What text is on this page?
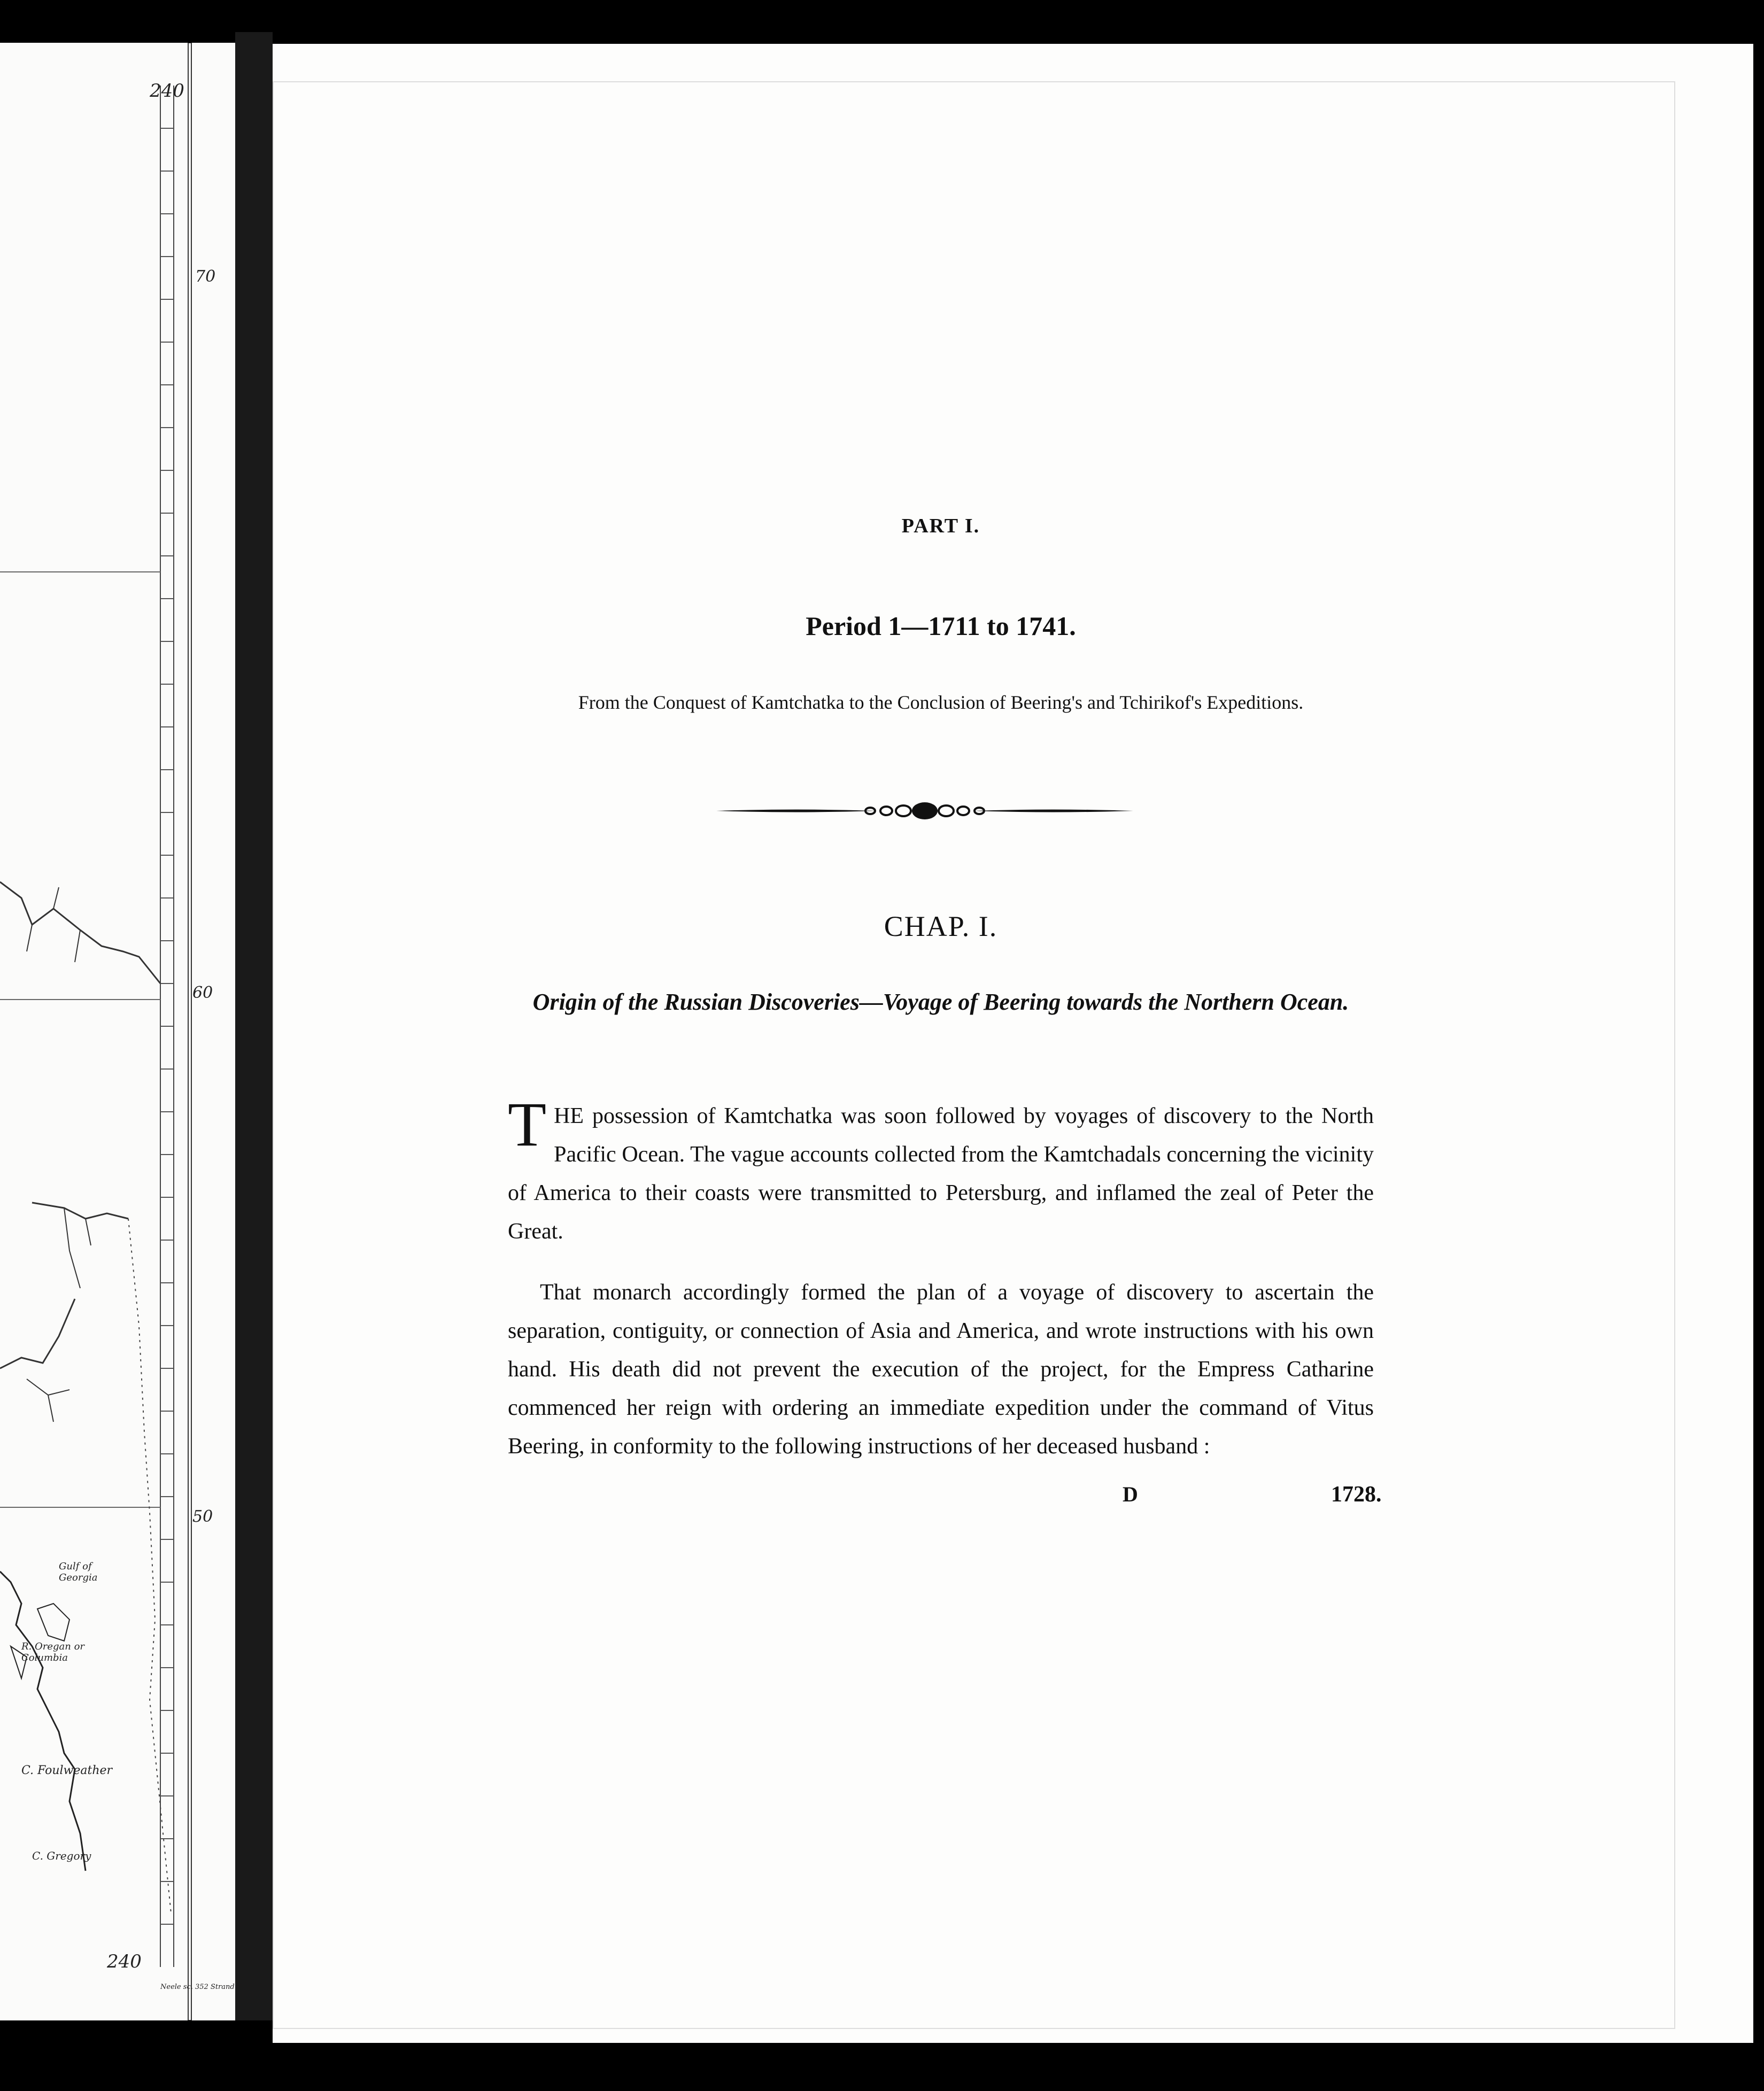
240
70
60
50
Gulf of
Georgia
R. Oregan or
Columbia
C. Foulweather
C. Gregory
240
Neele sc. 352 Strand
PART I.
Period 1—1711 to 1741.
From the Conquest of Kamtchatka to the Conclusion of Beering's and Tchirikof's Expeditions.
CHAP. I.
Origin of the Russian Discoveries—Voyage of Beering towards the Northern Ocean.
THE possession of Kamtchatka was soon followed by voyages of discovery to the North Pacific Ocean. The vague accounts collected from the Kamtchadals concerning the vicinity of America to their coasts were transmitted to Petersburg, and inflamed the zeal of Peter the Great.
That monarch accordingly formed the plan of a voyage of discovery to ascertain the separation, contiguity, or connection of Asia and America, and wrote instructions with his own hand. His death did not prevent the execution of the project, for the Empress Catharine commenced her reign with ordering an immediate expedition under the command of Vitus Beering, in conformity to the following instructions of her deceased husband :
D	1728.
